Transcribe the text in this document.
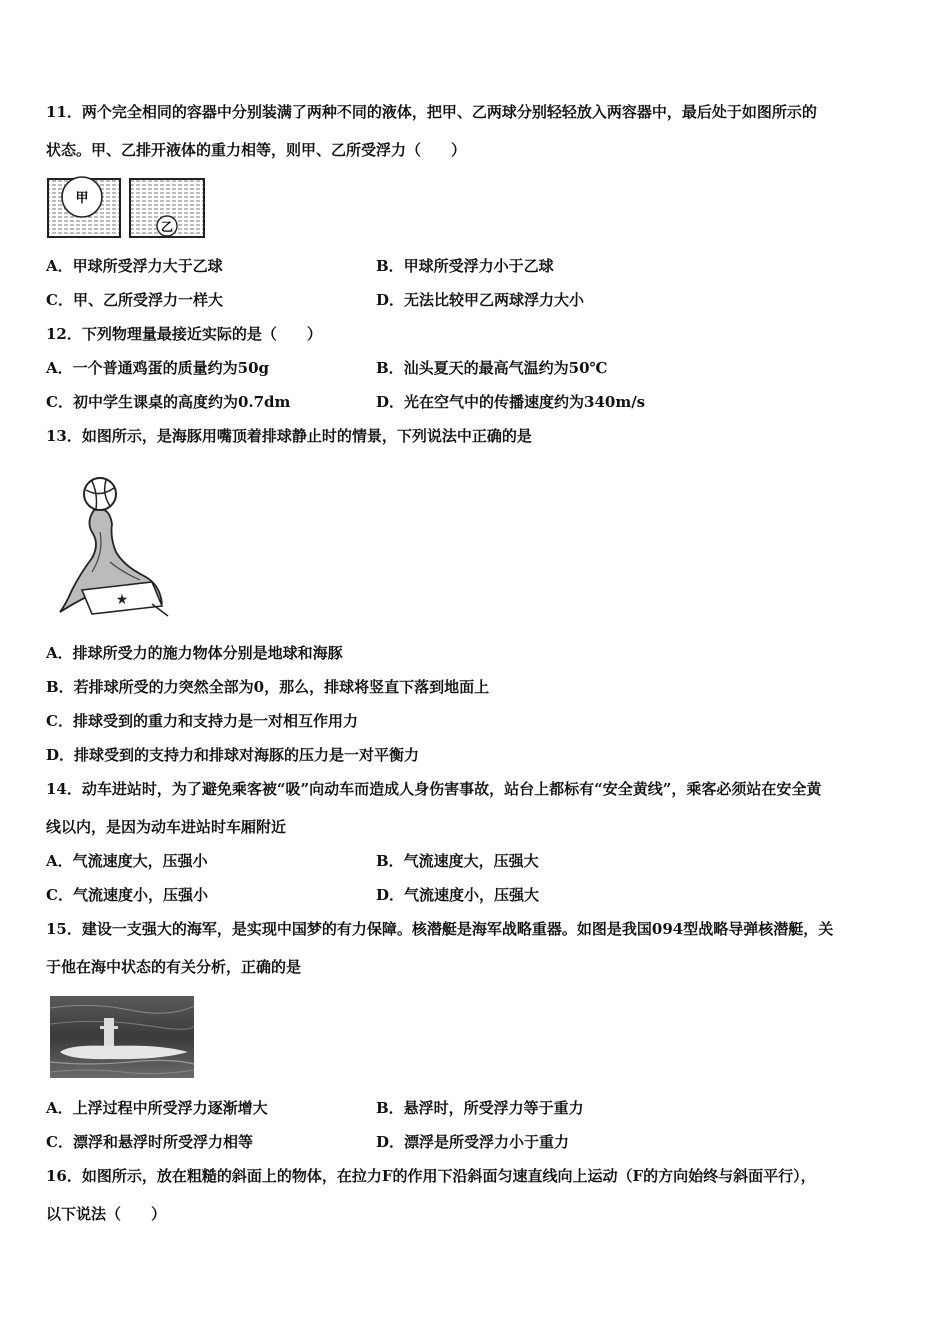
11．两个完全相同的容器中分别装满了两种不同的液体，把甲、乙两球分别轻轻放入两容器中，最后处于如图所示的
状态。甲、乙排开液体的重力相等，则甲、乙所受浮力（　　）
甲
乙
A．甲球所受浮力大于乙球	B．甲球所受浮力小于乙球
C．甲、乙所受浮力一样大	D．无法比较甲乙两球浮力大小
12．下列物理量最接近实际的是（　　）
A．一个普通鸡蛋的质量约为50g	B．汕头夏天的最高气温约为50℃
C．初中学生课桌的高度约为0.7dm	D．光在空气中的传播速度约为340m/s
13．如图所示，是海豚用嘴顶着排球静止时的情景，下列说法中正确的是
★
A．排球所受力的施力物体分别是地球和海豚
B．若排球所受的力突然全部为0，那么，排球将竖直下落到地面上
C．排球受到的重力和支持力是一对相互作用力
D．排球受到的支持力和排球对海豚的压力是一对平衡力
14．动车进站时，为了避免乘客被“吸”向动车而造成人身伤害事故，站台上都标有“安全黄线”，乘客必须站在安全黄
线以内，是因为动车进站时车厢附近
A．气流速度大，压强小	B．气流速度大，压强大
C．气流速度小，压强小	D．气流速度小，压强大
15．建设一支强大的海军，是实现中国梦的有力保障。核潜艇是海军战略重器。如图是我国094型战略导弹核潜艇，关
于他在海中状态的有关分析，正确的是
A．上浮过程中所受浮力逐渐增大	B．悬浮时，所受浮力等于重力
C．漂浮和悬浮时所受浮力相等	D．漂浮是所受浮力小于重力
16．如图所示，放在粗糙的斜面上的物体，在拉力F的作用下沿斜面匀速直线向上运动（F的方向始终与斜面平行），
以下说法（　　）
